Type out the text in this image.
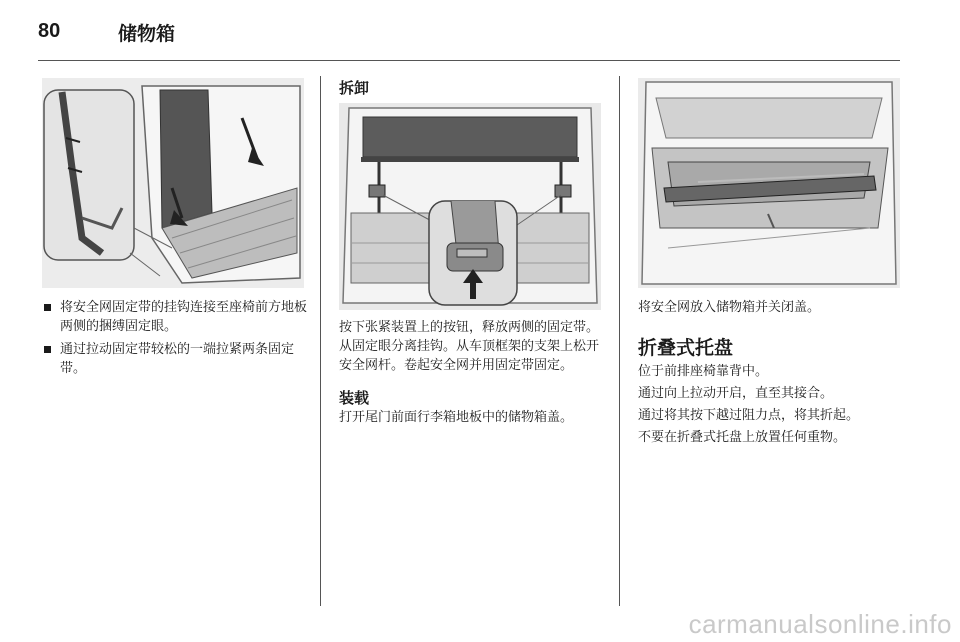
80	储物箱
将安全网固定带的挂钩连接至座椅前方地板两侧的捆缚固定眼。
通过拉动固定带较松的一端拉紧两条固定带。

拆卸

按下张紧装置上的按钮，释放两侧的固定带。从固定眼分离挂钩。从车顶框架的支架上松开安全网杆。卷起安全网并用固定带固定。

装载

打开尾门前面行李箱地板中的储物箱盖。

将安全网放入储物箱并关闭盖。

折叠式托盘

位于前排座椅靠背中。

通过向上拉动开启，直至其接合。

通过将其按下越过阻力点，将其折起。

不要在折叠式托盘上放置任何重物。

carmanualsonline.info
